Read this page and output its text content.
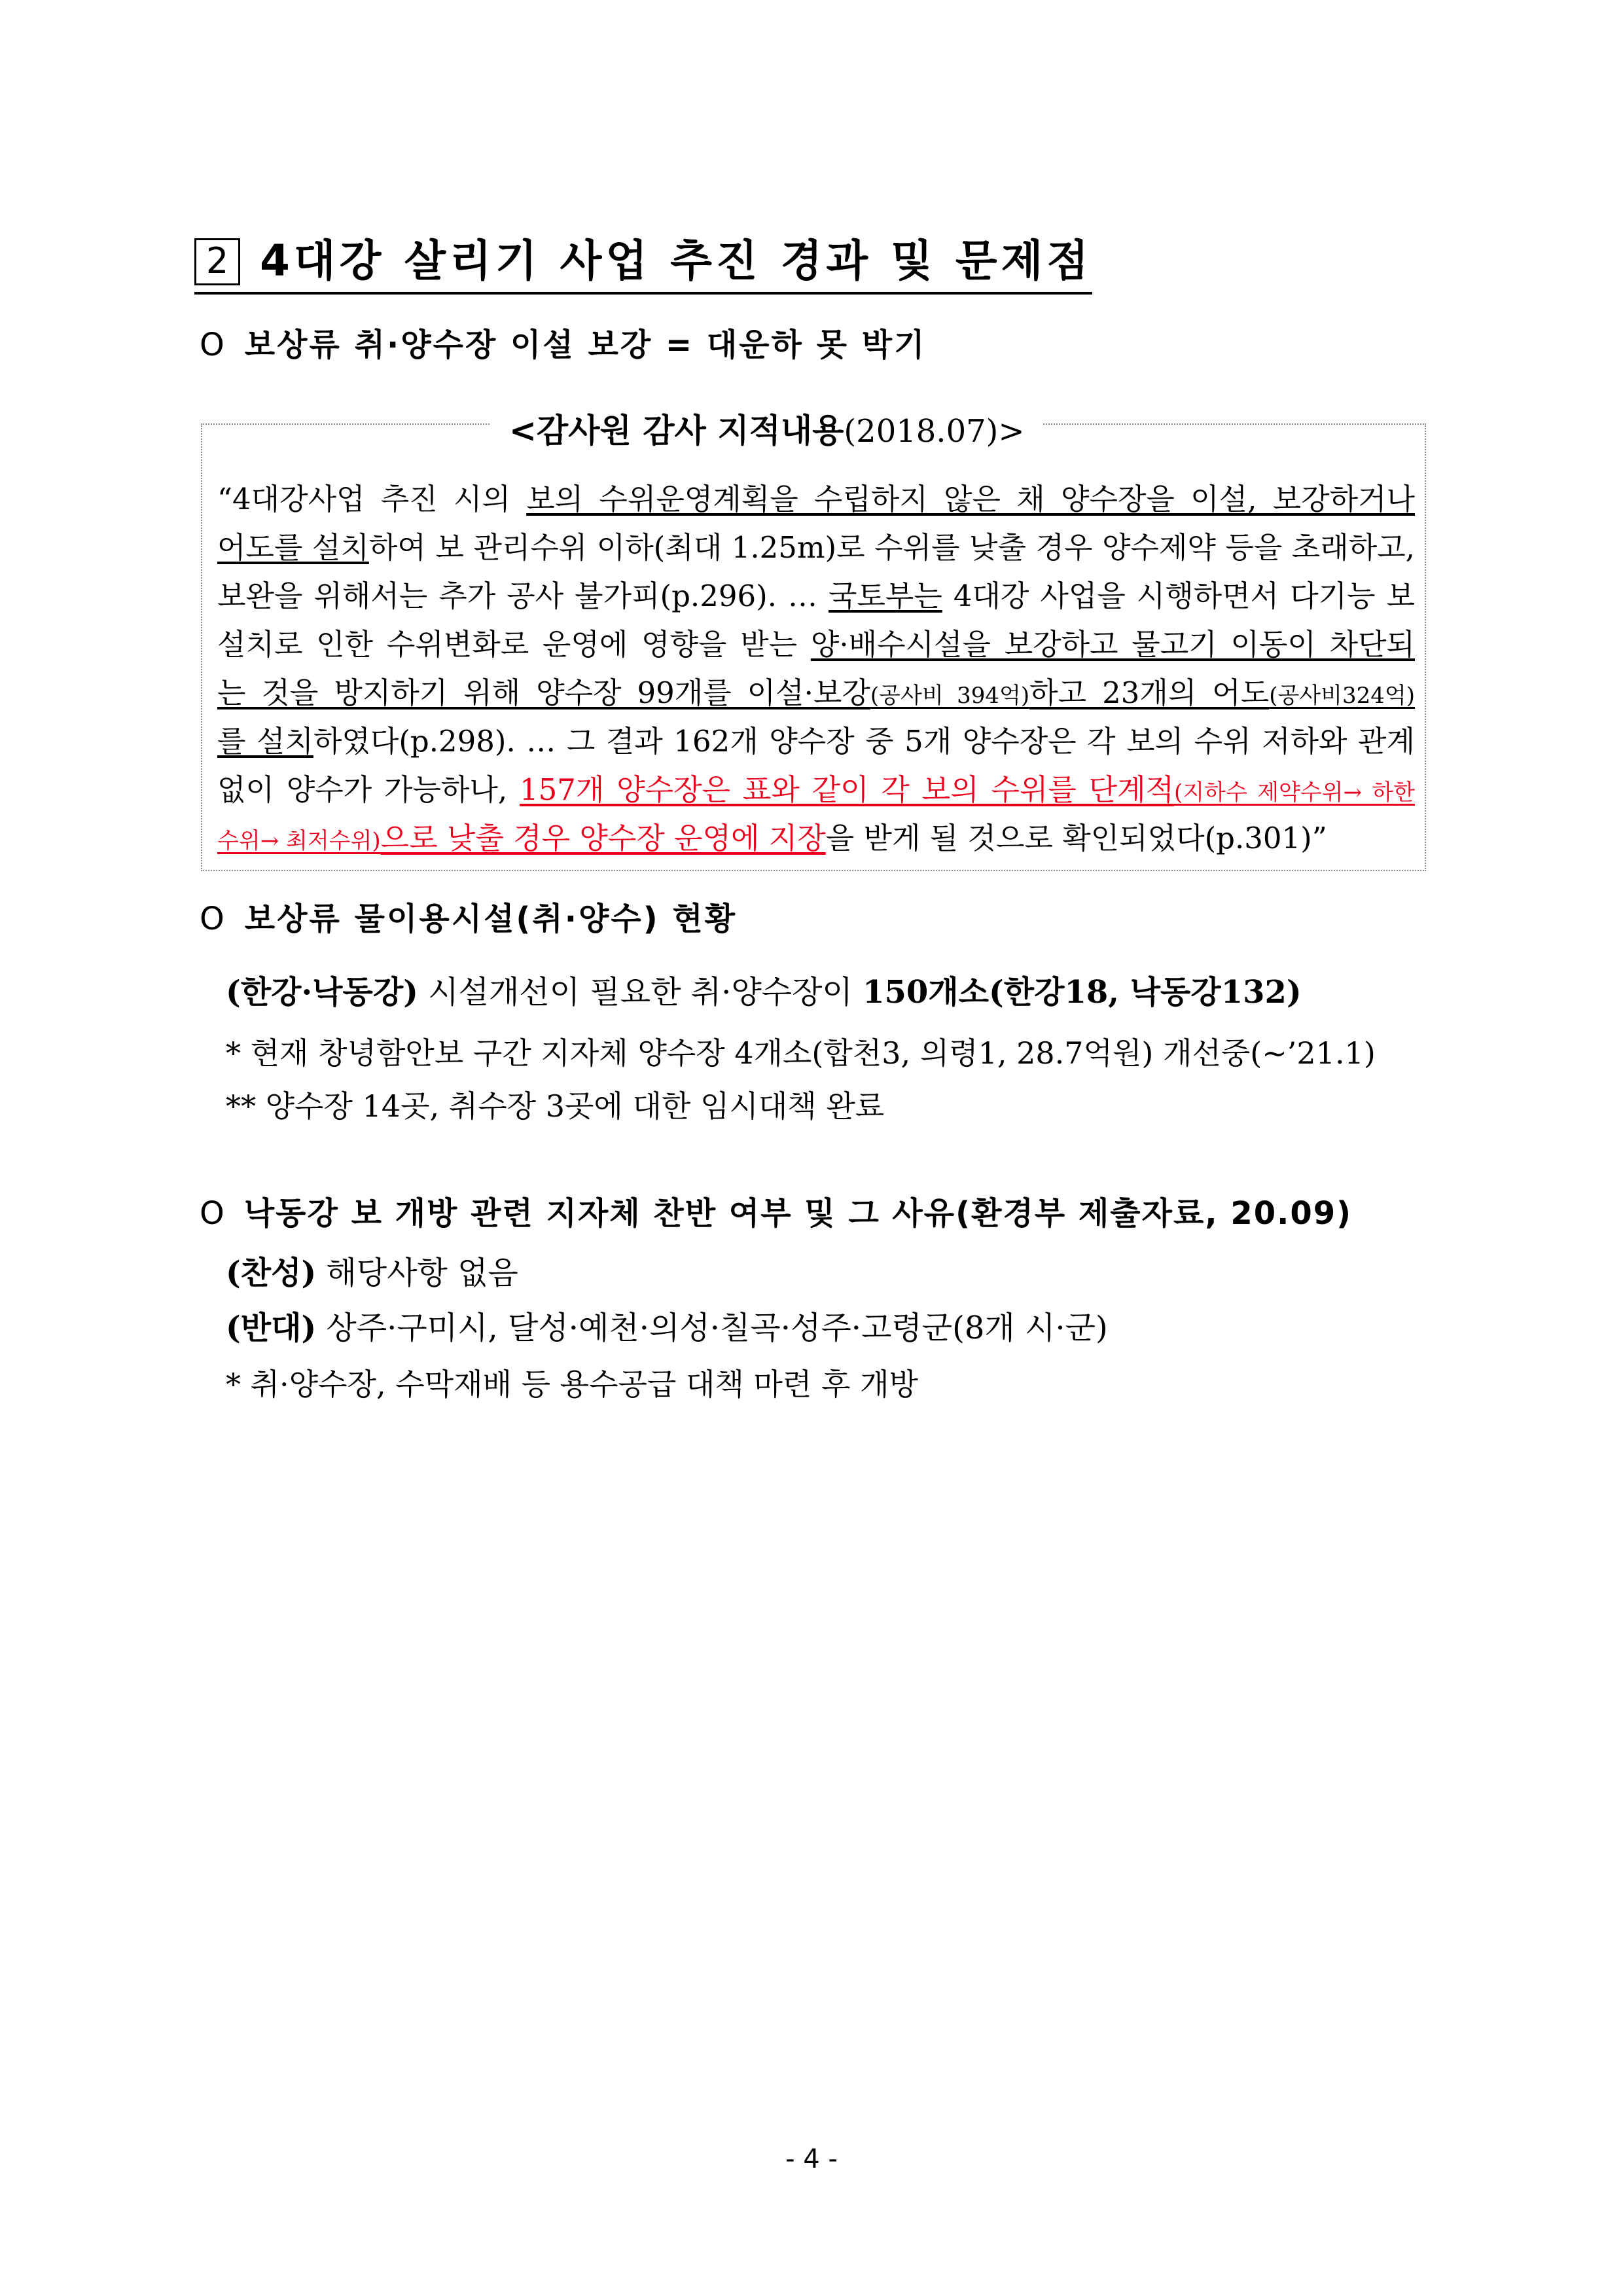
2 4대강 살리기 사업 추진 경과 및 문제점
O 보상류 취·양수장 이설 보강 = 대운하 못 박기
<감사원 감사 지적내용(2018.07)>
“4대강사업 추진 시의 보의 수위운영계획을 수립하지 않은 채 양수장을 이설, 보강하거나
어도를 설치하여 보 관리수위 이하(최대 1.25m)로 수위를 낮출 경우 양수제약 등을 초래하고,
보완을 위해서는 추가 공사 불가피(p.296). … 국토부는 4대강 사업을 시행하면서 다기능 보
설치로 인한 수위변화로 운영에 영향을 받는 양·배수시설을 보강하고 물고기 이동이 차단되
는 것을 방지하기 위해 양수장 99개를 이설·보강(공사비 394억)하고 23개의 어도(공사비324억)
를 설치하였다(p.298). … 그 결과 162개 양수장 중 5개 양수장은 각 보의 수위 저하와 관계
없이 양수가 가능하나, 157개 양수장은 표와 같이 각 보의 수위를 단계적(지하수 제약수위→ 하한
수위→ 최저수위)으로 낮출 경우 양수장 운영에 지장을 받게 될 것으로 확인되었다(p.301)”
O 보상류 물이용시설(취·양수) 현황
(한강·낙동강) 시설개선이 필요한 취·양수장이 150개소(한강18, 낙동강132)
* 현재 창녕함안보 구간 지자체 양수장 4개소(합천3, 의령1, 28.7억원) 개선중(~’21.1)
** 양수장 14곳, 취수장 3곳에 대한 임시대책 완료
O 낙동강 보 개방 관련 지자체 찬반 여부 및 그 사유(환경부 제출자료, 20.09)
(찬성) 해당사항 없음
(반대) 상주·구미시, 달성·예천·의성·칠곡·성주·고령군(8개 시·군)
* 취·양수장, 수막재배 등 용수공급 대책 마련 후 개방
- 4 -
